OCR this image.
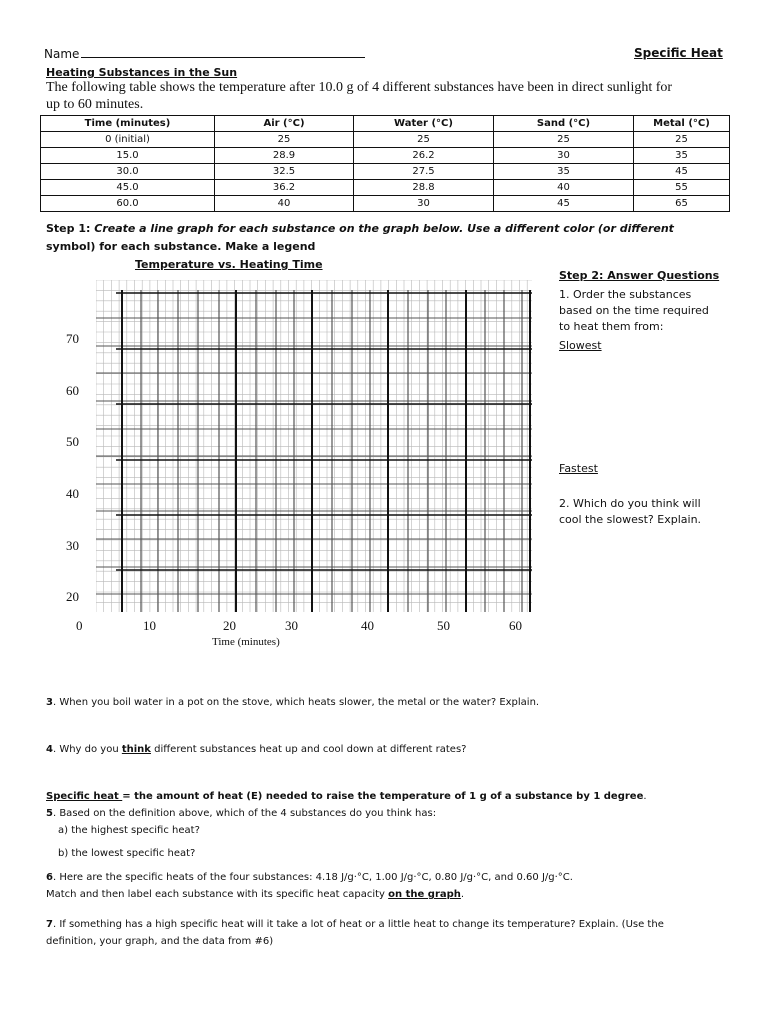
Name	Specific Heat
Heating Substances in the Sun
The following table shows the temperature after 10.0 g of 4 different substances have been in direct sunlight for
up to 60 minutes.
Time (minutes)	Air (°C)	Water (°C)	Sand (°C)	Metal (°C)
0 (initial)	25	25	25	25
15.0	28.9	26.2	30	35
30.0	32.5	27.5	35	45
45.0	36.2	28.8	40	55
60.0	40	30	45	65
Step 1: Create a line graph for each substance on the graph below. Use a different color (or different
symbol) for each substance. Make a legend
Temperature vs. Heating Time
70
60
50
40
30
20
0	10	20	30	40	50	60
Time (minutes)
Step 2: Answer Questions
1. Order the substances
based on the time required
to heat them from:
Slowest
Fastest
2. Which do you think will
cool the slowest? Explain.
3. When you boil water in a pot on the stove, which heats slower, the metal or the water? Explain.
4. Why do you think different substances heat up and cool down at different rates?
Specific heat = the amount of heat (E) needed to raise the temperature of 1 g of a substance by 1 degree.
5. Based on the definition above, which of the 4 substances do you think has:
a) the highest specific heat?
b) the lowest specific heat?
6. Here are the specific heats of the four substances: 4.18 J/g·°C, 1.00 J/g·°C, 0.80 J/g·°C, and 0.60 J/g·°C.
Match and then label each substance with its specific heat capacity on the graph.
7. If something has a high specific heat will it take a lot of heat or a little heat to change its temperature? Explain. (Use the
definition, your graph, and the data from #6)
